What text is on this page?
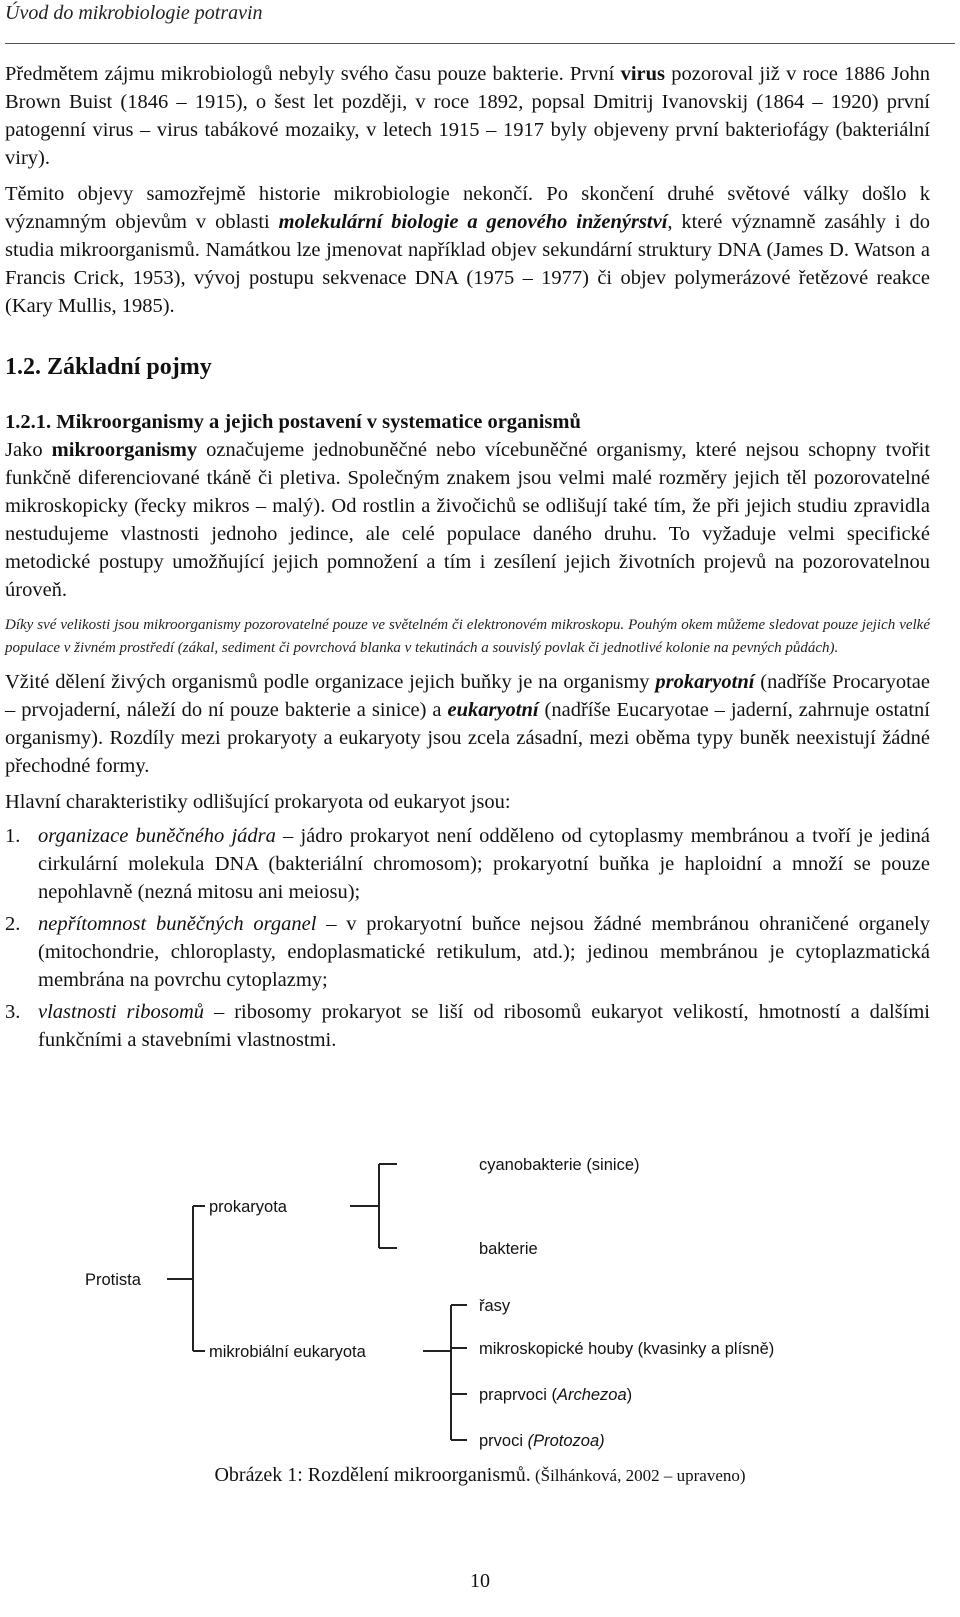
Úvod do mikrobiologie potravin

Předmětem zájmu mikrobiologů nebyly svého času pouze bakterie. První virus pozoroval již v roce 1886 John Brown Buist (1846 – 1915), o šest let později, v roce 1892, popsal Dmitrij Ivanovskij (1864 – 1920) první patogenní virus – virus tabákové mozaiky, v letech 1915 – 1917 byly objeveny první bakteriofágy (bakteriální viry).

Těmito objevy samozřejmě historie mikrobiologie nekončí. Po skončení druhé světové války došlo k významným objevům v oblasti molekulární biologie a genového inženýrství, které významně zasáhly i do studia mikroorganismů. Namátkou lze jmenovat například objev sekundární struktury DNA (James D. Watson a Francis Crick, 1953), vývoj postupu sekvenace DNA (1975 – 1977) či objev polymerázové řetězové reakce (Kary Mullis, 1985).

1.2. Základní pojmy
1.2.1. Mikroorganismy a jejich postavení v systematice organismů

Jako mikroorganismy označujeme jednobuněčné nebo vícebuněčné organismy, které nejsou schopny tvořit funkčně diferenciované tkáně či pletiva. Společným znakem jsou velmi malé rozměry jejich těl pozorovatelné mikroskopicky (řecky mikros – malý). Od rostlin a živočichů se odlišují také tím, že při jejich studiu zpravidla nestudujeme vlastnosti jednoho jedince, ale celé populace daného druhu. To vyžaduje velmi specifické metodické postupy umožňující jejich pomnožení a tím i zesílení jejich životních projevů na pozorovatelnou úroveň.

Díky své velikosti jsou mikroorganismy pozorovatelné pouze ve světelném či elektronovém mikroskopu. Pouhým okem můžeme sledovat pouze jejich velké populace v živném prostředí (zákal, sediment či povrchová blanka v tekutinách a souvislý povlak či jednotlivé kolonie na pevných půdách).

Vžité dělení živých organismů podle organizace jejich buňky je na organismy prokaryotní (nadříše Procaryotae – prvojaderní, náleží do ní pouze bakterie a sinice) a eukaryotní (nadříše Eucaryotae – jaderní, zahrnuje ostatní organismy). Rozdíly mezi prokaryoty a eukaryoty jsou zcela zásadní, mezi oběma typy buněk neexistují žádné přechodné formy.

Hlavní charakteristiky odlišující prokaryota od eukaryot jsou:

1. organizace buněčného jádra – jádro prokaryot není odděleno od cytoplasmy membránou a tvoří je jediná cirkulární molekula DNA (bakteriální chromosom); prokaryotní buňka je haploidní a množí se pouze nepohlavně (nezná mitosu ani meiosu);
2. nepřítomnost buněčných organel – v prokaryotní buňce nejsou žádné membránou ohraničené organely (mitochondrie, chloroplasty, endoplasmatické retikulum, atd.); jedinou membránou je cytoplazmatická membrána na povrchu cytoplazmy;
3. vlastnosti ribosomů – ribosomy prokaryot se liší od ribosomů eukaryot velikostí, hmotností a dalšími funkčními a stavebními vlastnostmi.
Protista
prokaryota
mikrobiální eukaryota
cyanobakterie (sinice)
bakterie
řasy
mikroskopické houby (kvasinky a plísně)
praprvoci (Archezoa)
prvoci (Protozoa)
Obrázek 1: Rozdělení mikroorganismů. (Šilhánková, 2002 – upraveno)
10
